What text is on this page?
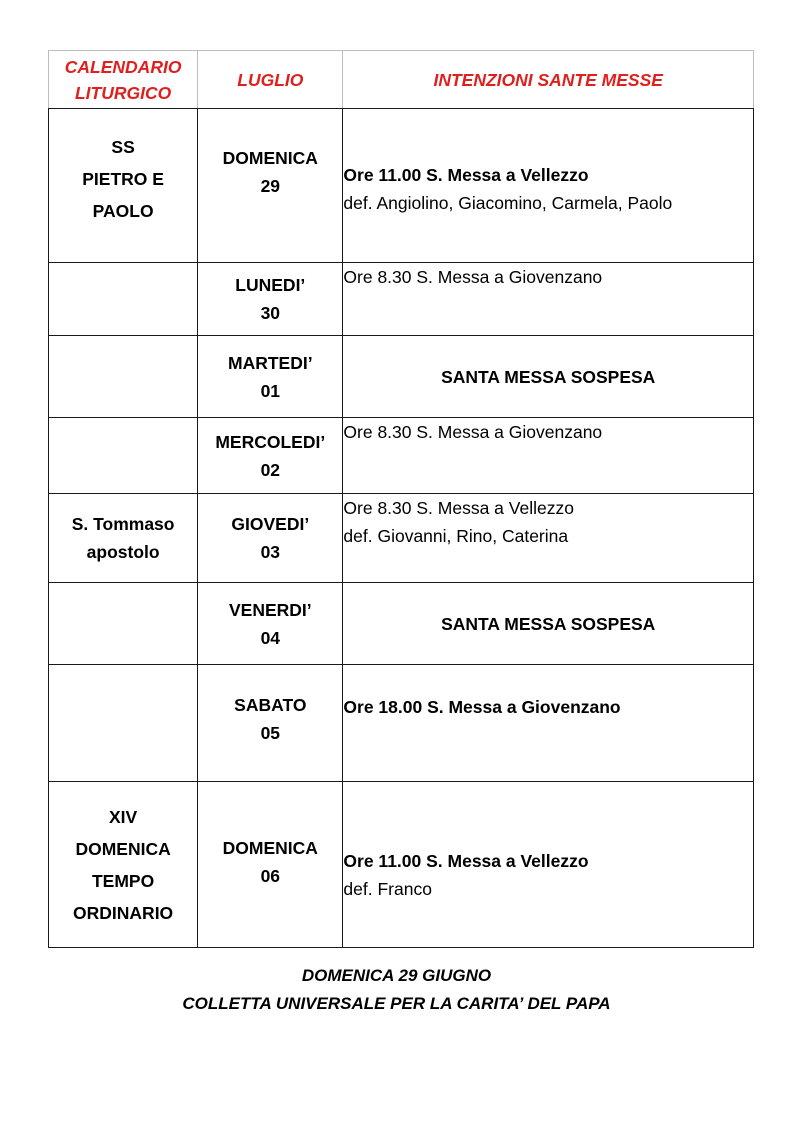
CALENDARIO
LITURGICO	LUGLIO	INTENZIONI SANTE MESSE

SS
PIETRO E
PAOLO	DOMENICA
29	Ore 11.00 S. Messa a Vellezzo
def. Angiolino, Giacomino, Carmela, Paolo

	LUNEDI’
30	Ore 8.30 S. Messa a Giovenzano

	MARTEDI’
01	SANTA MESSA SOSPESA

	MERCOLEDI’
02	Ore 8.30 S. Messa a Giovenzano

S. Tommaso
apostolo	GIOVEDI’
03	Ore 8.30 S. Messa a Vellezzo
def. Giovanni, Rino, Caterina

	VENERDI’
04	SANTA MESSA SOSPESA

	SABATO
05	Ore 18.00 S. Messa a Giovenzano

XIV
DOMENICA
TEMPO
ORDINARIO	DOMENICA
06	Ore 11.00 S. Messa a Vellezzo
def. Franco
DOMENICA 29 GIUGNO
COLLETTA UNIVERSALE PER LA CARITA’ DEL PAPA
